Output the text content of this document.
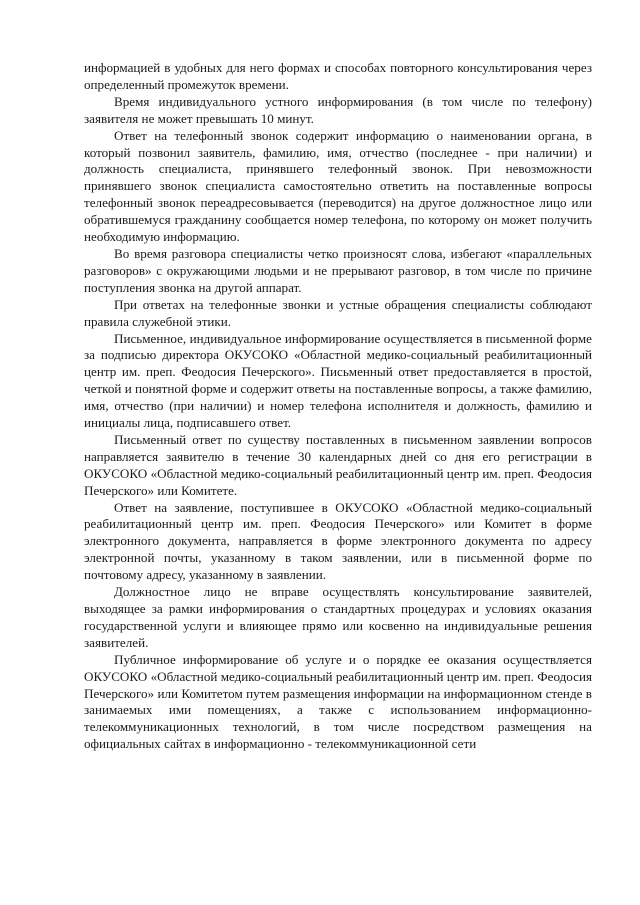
информацией в удобных для него формах и способах повторного консультирования через определенный промежуток времени.

Время индивидуального устного информирования (в том числе по телефону) заявителя не может превышать 10 минут.

Ответ на телефонный звонок содержит информацию о наименовании органа, в который позвонил заявитель, фамилию, имя, отчество (последнее - при наличии) и должность специалиста, принявшего телефонный звонок. При невозможности принявшего звонок специалиста самостоятельно ответить на поставленные вопросы телефонный звонок переадресовывается (переводится) на другое должностное лицо или обратившемуся гражданину сообщается номер телефона, по которому он может получить необходимую информацию.

Во время разговора специалисты четко произносят слова, избегают «параллельных разговоров» с окружающими людьми и не прерывают разговор, в том числе по причине поступления звонка на другой аппарат.

При ответах на телефонные звонки и устные обращения специалисты соблюдают правила служебной этики.

Письменное, индивидуальное информирование осуществляется в письменной форме за подписью директора ОКУСОКО «Областной медико-социальный реабилитационный центр им. преп. Феодосия Печерского». Письменный ответ предоставляется в простой, четкой и понятной форме и содержит ответы на поставленные вопросы, а также фамилию, имя, отчество (при наличии) и номер телефона исполнителя и должность, фамилию и инициалы лица, подписавшего ответ.

Письменный ответ по существу поставленных в письменном заявлении вопросов направляется заявителю в течение 30 календарных дней со дня его регистрации в ОКУСОКО «Областной медико-социальный реабилитационный центр им. преп. Феодосия Печерского» или Комитете.

Ответ на заявление, поступившее в ОКУСОКО «Областной медико-социальный реабилитационный центр им. преп. Феодосия Печерского» или Комитет в форме электронного документа, направляется в форме электронного документа по адресу электронной почты, указанному в таком заявлении, или в письменной форме по почтовому адресу, указанному в заявлении.

Должностное лицо не вправе осуществлять консультирование заявителей, выходящее за рамки информирования о стандартных процедурах и условиях оказания государственной услуги и влияющее прямо или косвенно на индивидуальные решения заявителей.

Публичное информирование об услуге и о порядке ее оказания осуществляется ОКУСОКО «Областной медико-социальный реабилитационный центр им. преп. Феодосия Печерского» или Комитетом путем размещения информации на информационном стенде в занимаемых ими помещениях, а также с использованием информационно-телекоммуникационных технологий, в том числе посредством размещения на официальных сайтах в информационно - телекоммуникационной сети
